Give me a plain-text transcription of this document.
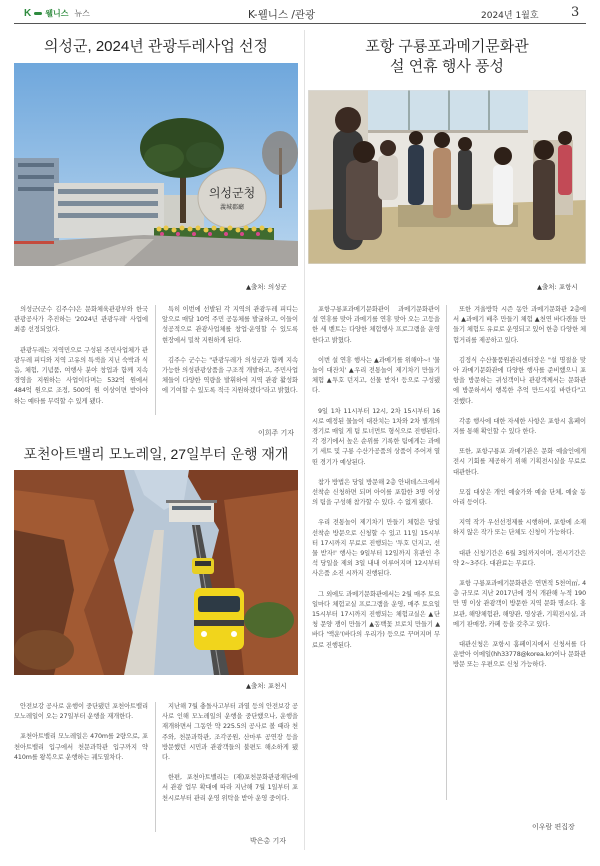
K 웰니스 뉴스	K-웰니스 /관광	2024년 1월호 3
의성군, 2024년 관광두레사업 선정
의성군청
義城郡廳
▲출처: 의성군

의성군(군수 김주수)은 문화체육관광부와 한국관광공사가 추진하는 '2024년 관광두레' 사업에 최종 선정되었다.

관광두레는 지역민으로 구성된 주민사업체가 관광두레 피디와 지역 고유의 특색을 지닌 숙박과 식음, 체험, 기념품, 여행사 분야 창업과 함께 지속 경영을 지원하는 사업이다며는 532억 원에서 484억 원으로 조정, 500억 원 이상이면 받아야 하는 예타를 무력할 수 있게 됐다.

특히 이번에 선발된 각 지역의 관광두레 피디는 앞으로 매달 10억 주민 공동체를 발굴하고, 이들이 성공적으로 관광사업체를 창업·운영할 수 있도록 현장에서 밀착 지원하게 된다.

김주수 군수는 "관광두레가 의성군과 함께 지속가능한 의성관광상품을 구조적 개발하고, 주민사업체들이 다양한 역량을 발휘하여 지역 관광 활성화에 기여할 수 있도록 적극 지원하겠다"라고 밝혔다.

이희주 기자
포천아트밸리 모노레일, 27일부터 운행 재개
▲출처: 포천시

안전보강 공사로 운행이 중단됐던 포천아트밸리 모노레일이 오는 27일부터 운행을 재개한다.

포천아트밸리 모노레일은 470m를 2량으로, 포천아트밸리 입구에서 천문과학관 입구까지 약 410m를 왕복으로 운행하는 궤도열차다.

지난해 7월 충돌사고부터 과열 등의 안전보강 공사로 인해 모노레일의 운행을 중단했으나, 운행을 재개하면서 그동안 약 225.5의 공사로 볼 때라 천주와, 천문과학관, 조각공원, 산마루 공연장 등을 방문했던 시민과 관광객들의 불편도 해소하게 됐다.

한편, 포천아트밸리는 (재)포천문화관광재단에서 관광 업무 확대에 따라 지난해 7월 1일부터 포천시로부터 관리 운영 위탁을 받아 운영 중이다.

박은총 기자
포항 구룡포과메기문화관
설 연휴 행사 풍성
▲출처: 포항시

포항구룡포과메기문화관이 과메기문화관이 설 연휴를 맞아 과메기를 연휴 맞아 오는 고등을 한 세 벤트는 다양한 체험행사 프로그램을 운영한다고 밝혔다.

이번 설 연휴 행사는 ▲과메기를 위해야~! '물놀이 대잔치' ▲우리 전통놀이 제기차기 만들기 체험 ▲투호 던지고, 선물 받자! 등으로 구성됐다.

9일 1차 11시부터 12시, 2차 15시부터 16시로 예정된 물놀이 대잔치는 1차와 2차 별개의 경기로 매일 게 팀 토너먼트 형식으로 진행된다. 각 경기에서 높은 순위를 기록한 팀에게는 과메기 세트 및 구룡 수산가공품의 상품이 주어져 열띤 경기가 예상된다.

참가 방법은 당일 방문해 2층 안내데스크에서 선착순 신청하면 되며 아이를 포함한 3명 이상의 팀을 구성해 참가할 수 있다. 수 없게 됐다.

우리 전통놀이 제기차기 만들기 체험은 당일 선착순 방문으로 신청할 수 있고 11일 15시부터 17시까지 무료로 진행되는 '투호 던지고, 선물 받자!' 행사는 9일부터 12일까지 휴관인 추석 당일을 제외 3일 내내 이루어지며 12시부터 사은품 소진 시까지 진행된다.

그 외에도 과메기문화관에서는 2월 매주 토요일마다 체험교실 프로그램을 운영, 매주 토요일 15시부터 17시까지 진행되는 체험교실은 ▲단청 문양 쟁이 만들기 ▲동백꽃 브로치 만들기 ▲바다 '액운'(바다의 우리가) 등으로 꾸며지며 무료로 진행된다.

또한 겨울방학 시즌 동안 과메기문화관 2층에서 ▲과메기 배추 만들기 체험 ▲천연 바다캔들 만들기 체험도 유료로 운영되고 있어 한층 다양한 체험거리를 제공하고 있다.

김정식 수산물품원관리센터장은 "설 명절을 맞아 과메기문화관에 다양한 행사를 준비했으니 포항을 방문하는 귀성객이나 관광객께서는 문화관에 방문하셔서 행복한 추억 만드시길 바란다"고 전했다.

각종 행사에 대한 자세한 사항은 포항시 홈페이지를 통해 확인할 수 있다 한다.

또한, 포항구룡포 과메기관은 문화 예술인에게 전시 기회를 제공하기 위해 기획전시실을 무료로 대관한다.

모집 대상은 개인 예술가와 예술 단체, 예술 동아리 등이다.

지역 작가 우선선정제를 시행하며, 포항에 소재하지 않은 작가 또는 단체도 신청이 가능하다.

대관 신청기간은 6월 3일까지이며, 전시기간은 약 2~3주다. 대관료는 무료다.

포항 구룡포과메기문화관은 연면적 5천여㎡, 4층 규모로 지난 2017년에 정식 개관해 누적 190만 명 이상 관광객이 방문한 지역 문화 명소다. 홍보관, 해양체험관, 해양관, 영상관, 기획전시실, 과메기 판매장, 카페 등을 갖추고 있다.

대관신청은 포항시 홈페이지에서 신청서를 다운받아 이메일(hh33778@korea.kr)이나 문화관 방문 또는 우편으로 신청 가능하다.

이우람 편집장
